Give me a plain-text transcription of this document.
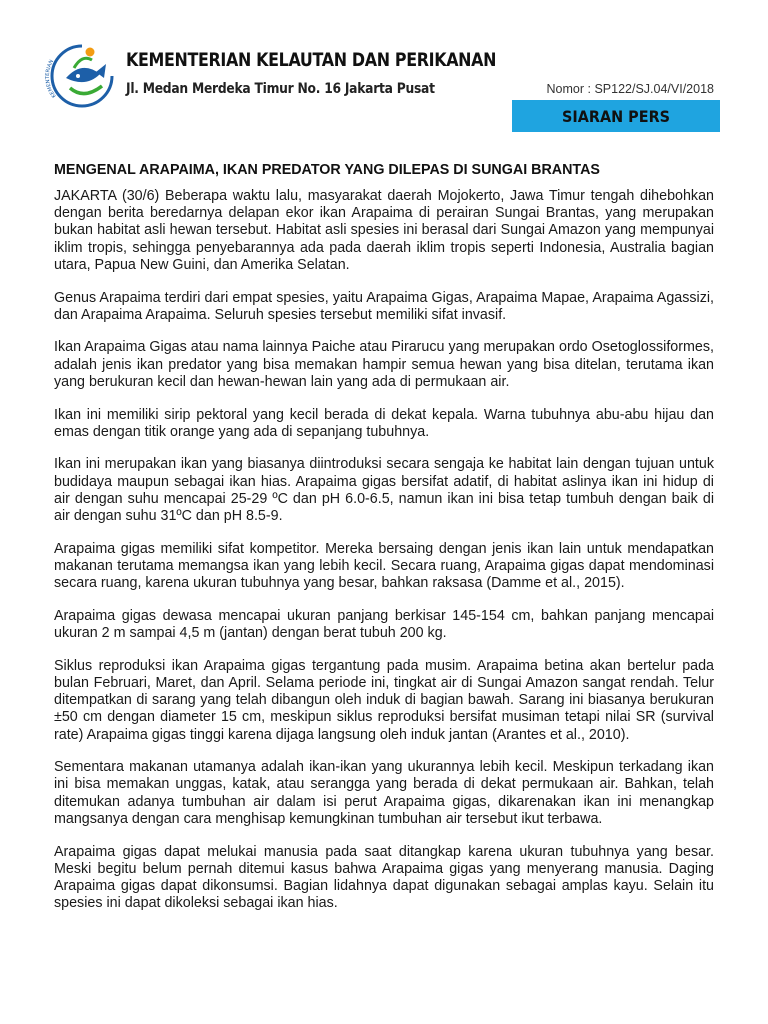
KEMENTERIAN	KEMENTERIAN KELAUTAN DAN PERIKANAN
Jl. Medan Merdeka Timur No. 16 Jakarta Pusat	Nomor : SP122/SJ.04/VI/2018
SIARAN PERS
MENGENAL ARAPAIMA, IKAN PREDATOR YANG DILEPAS DI SUNGAI BRANTAS

JAKARTA (30/6) Beberapa waktu lalu, masyarakat daerah Mojokerto, Jawa Timur tengah dihebohkan dengan berita beredarnya delapan ekor ikan Arapaima di perairan Sungai Brantas, yang merupakan bukan habitat asli hewan tersebut. Habitat asli spesies ini berasal dari Sungai Amazon yang mempunyai iklim tropis, sehingga penyebarannya ada pada daerah iklim tropis seperti Indonesia, Australia bagian utara, Papua New Guini, dan Amerika Selatan.

Genus Arapaima terdiri dari empat spesies, yaitu Arapaima Gigas, Arapaima Mapae, Arapaima Agassizi, dan Arapaima Arapaima. Seluruh spesies tersebut memiliki sifat invasif.

Ikan Arapaima Gigas atau nama lainnya Paiche atau Pirarucu yang merupakan ordo Osetoglossiformes, adalah jenis ikan predator yang bisa memakan hampir semua hewan yang bisa ditelan, terutama ikan yang berukuran kecil dan hewan-hewan lain yang ada di permukaan air.

Ikan ini memiliki sirip pektoral yang kecil berada di dekat kepala. Warna tubuhnya abu-abu hijau dan emas dengan titik orange yang ada di sepanjang tubuhnya.

Ikan ini merupakan ikan yang biasanya diintroduksi secara sengaja ke habitat lain dengan tujuan untuk budidaya maupun sebagai ikan hias. Arapaima gigas bersifat adatif, di habitat aslinya ikan ini hidup di air dengan suhu mencapai 25-29 ºC dan pH 6.0-6.5, namun ikan ini bisa tetap tumbuh dengan baik di air dengan suhu 31ºC dan pH 8.5-9.

Arapaima gigas memiliki sifat kompetitor. Mereka bersaing dengan jenis ikan lain untuk mendapatkan makanan terutama memangsa ikan yang lebih kecil. Secara ruang, Arapaima gigas dapat mendominasi secara ruang, karena ukuran tubuhnya yang besar, bahkan raksasa (Damme et al., 2015).

Arapaima gigas dewasa mencapai ukuran panjang berkisar 145-154 cm, bahkan panjang mencapai ukuran 2 m sampai 4,5 m (jantan) dengan berat tubuh 200 kg.

Siklus reproduksi ikan Arapaima gigas tergantung pada musim. Arapaima betina akan bertelur pada bulan Februari, Maret, dan April. Selama periode ini, tingkat air di Sungai Amazon sangat rendah. Telur ditempatkan di sarang yang telah dibangun oleh induk di bagian bawah. Sarang ini biasanya berukuran ±50 cm dengan diameter 15 cm, meskipun siklus reproduksi bersifat musiman tetapi nilai SR (survival rate) Arapaima gigas tinggi karena dijaga langsung oleh induk jantan (Arantes et al., 2010).

Sementara makanan utamanya adalah ikan-ikan yang ukurannya lebih kecil. Meskipun terkadang ikan ini bisa memakan unggas, katak, atau serangga yang berada di dekat permukaan air. Bahkan, telah ditemukan adanya tumbuhan air dalam isi perut Arapaima gigas, dikarenakan ikan ini menangkap mangsanya dengan cara menghisap kemungkinan tumbuhan air tersebut ikut terbawa.

Arapaima gigas dapat melukai manusia pada saat ditangkap karena ukuran tubuhnya yang besar. Meski begitu belum pernah ditemui kasus bahwa Arapaima gigas yang menyerang manusia. Daging Arapaima gigas dapat dikonsumsi. Bagian lidahnya dapat digunakan sebagai amplas kayu. Selain itu spesies ini dapat dikoleksi sebagai ikan hias.
